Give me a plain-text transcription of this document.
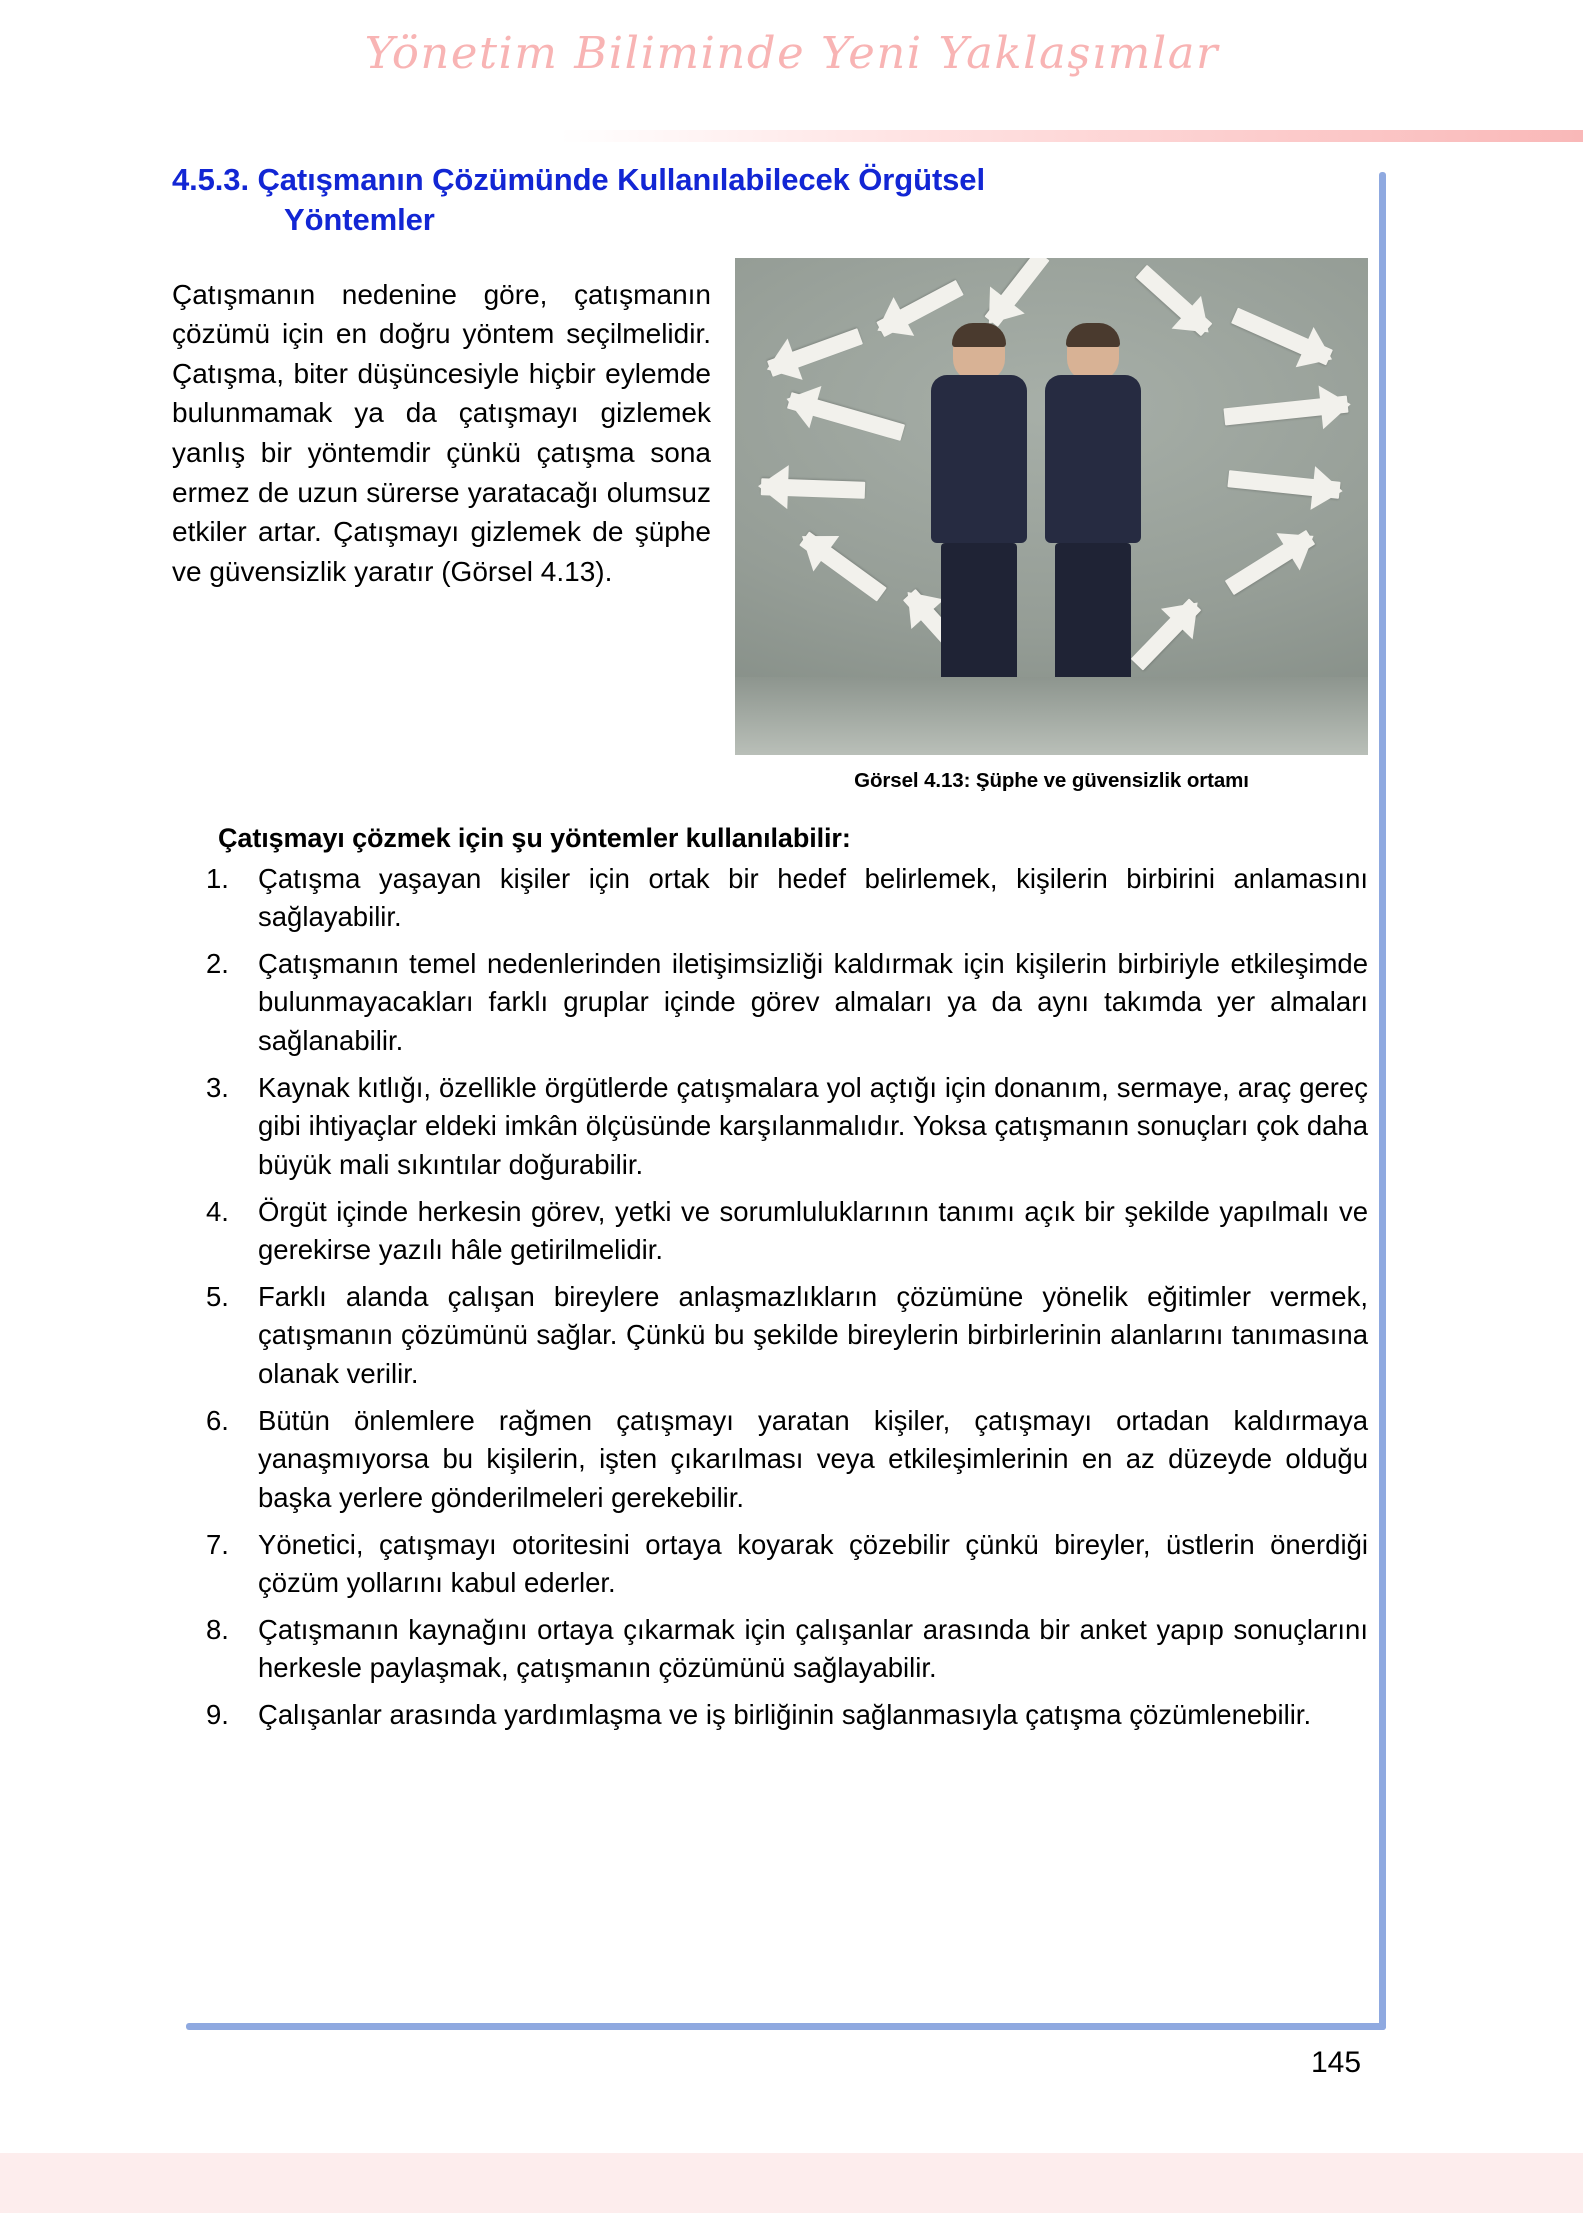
Yönetim Biliminde Yeni Yaklaşımlar
4.5.3. Çatışmanın Çözümünde Kullanılabilecek Örgütsel
Yöntemler
Görsel 4.13: Şüphe ve güvensizlik ortamı

Çatışmanın nedenine göre, çatışmanın çözümü için en doğru yöntem seçilmelidir. Çatışma, biter düşüncesiyle hiçbir eylemde bulunmamak ya da çatışmayı gizlemek yanlış bir yöntemdir çünkü çatışma sona ermez de uzun sürerse yaratacağı olumsuz etkiler artar. Çatışmayı gizlemek de şüphe ve güvensizlik yaratır (Görsel 4.13).

Çatışmayı çözmek için şu yöntemler kullanılabilir:

1.	Çatışma yaşayan kişiler için ortak bir hedef belirlemek, kişilerin birbirini anlamasını sağlayabilir.
2.	Çatışmanın temel nedenlerinden iletişimsizliği kaldırmak için kişilerin birbiriyle etkileşimde bulunmayacakları farklı gruplar içinde görev almaları ya da aynı takımda yer almaları sağlanabilir.
3.	Kaynak kıtlığı, özellikle örgütlerde çatışmalara yol açtığı için donanım, sermaye, araç gereç gibi ihtiyaçlar eldeki imkân ölçüsünde karşılanmalıdır. Yoksa çatışmanın sonuçları çok daha büyük mali sıkıntılar doğurabilir.
4.	Örgüt içinde herkesin görev, yetki ve sorumluluklarının tanımı açık bir şekilde yapılmalı ve gerekirse yazılı hâle getirilmelidir.
5.	Farklı alanda çalışan bireylere anlaşmazlıkların çözümüne yönelik eğitimler vermek, çatışmanın çözümünü sağlar. Çünkü bu şekilde bireylerin birbirlerinin alanlarını tanımasına olanak verilir.
6.	Bütün önlemlere rağmen çatışmayı yaratan kişiler, çatışmayı ortadan kaldırmaya yanaşmıyorsa bu kişilerin, işten çıkarılması veya etkileşimlerinin en az düzeyde olduğu başka yerlere gönderilmeleri gerekebilir.
7.	Yönetici, çatışmayı otoritesini ortaya koyarak çözebilir çünkü bireyler, üstlerin önerdiği çözüm yollarını kabul ederler.
8.	Çatışmanın kaynağını ortaya çıkarmak için çalışanlar arasında bir anket yapıp sonuçlarını herkesle paylaşmak, çatışmanın çözümünü sağlayabilir.
9.	Çalışanlar arasında yardımlaşma ve iş birliğinin sağlanmasıyla çatışma çözümlenebilir.
145
